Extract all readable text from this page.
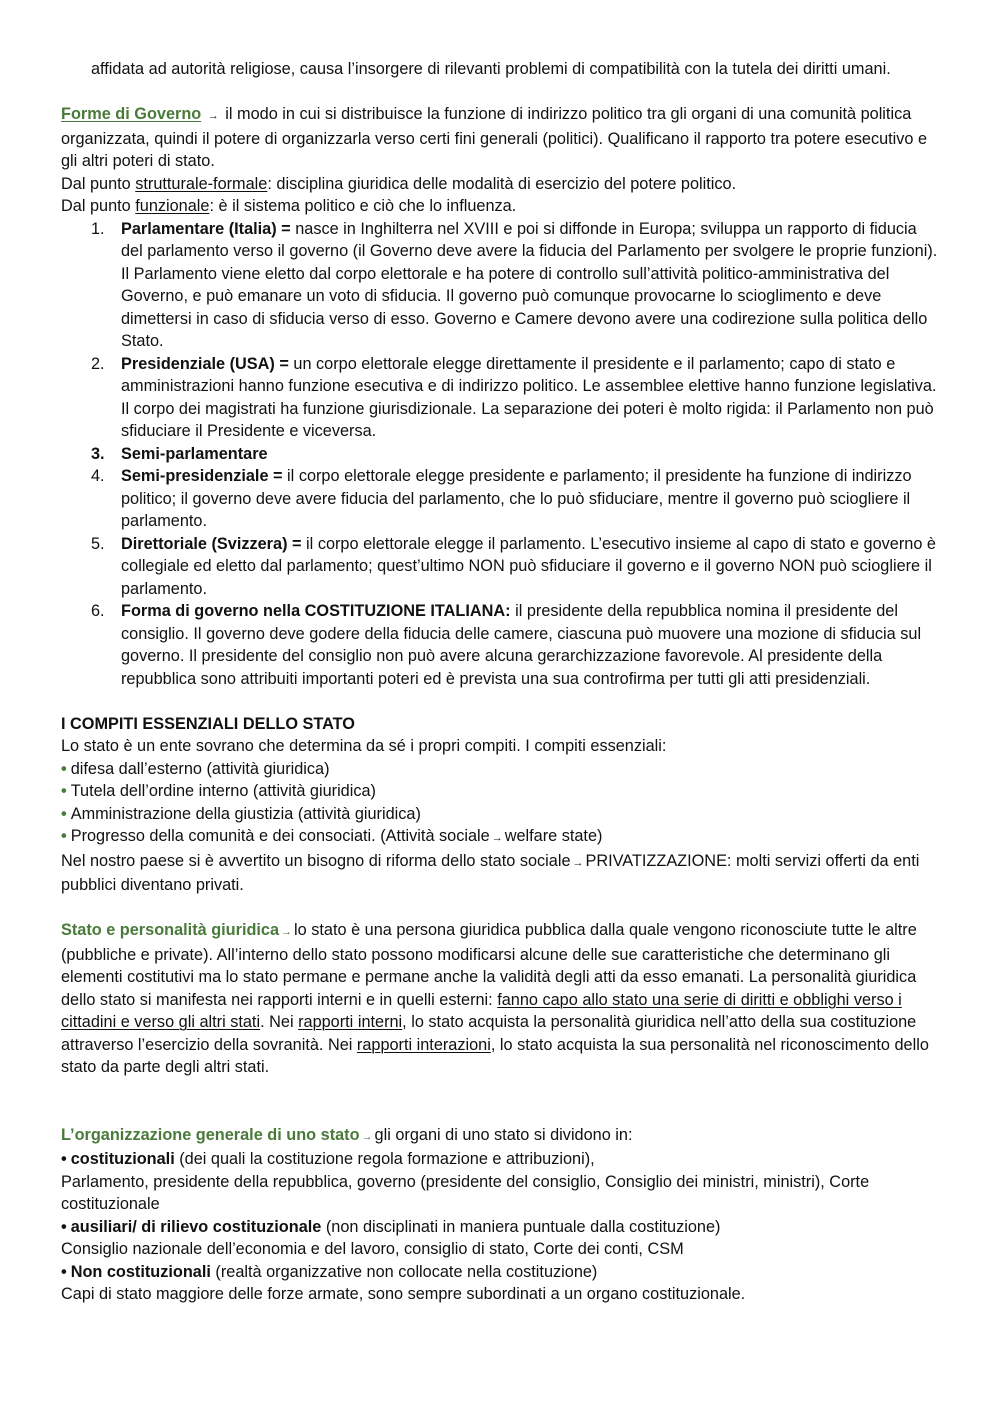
affidata ad autorità religiose, causa l’insorgere di rilevanti problemi di compatibilità con la tutela dei diritti umani.

Forme di Governo → il modo in cui si distribuisce la funzione di indirizzo politico tra gli organi di una comunità politica organizzata, quindi il potere di organizzarla verso certi fini generali (politici). Qualificano il rapporto tra potere esecutivo e gli altri poteri di stato.

Dal punto strutturale-formale: disciplina giuridica delle modalità di esercizio del potere politico.

Dal punto funzionale: è il sistema politico e ciò che lo influenza.

1. Parlamentare (Italia) = nasce in Inghilterra nel XVIII e poi si diffonde in Europa; sviluppa un rapporto di fiducia del parlamento verso il governo (il Governo deve avere la fiducia del Parlamento per svolgere le proprie funzioni). Il Parlamento viene eletto dal corpo elettorale e ha potere di controllo sull’attività politico-amministrativa del Governo, e può emanare un voto di sfiducia. Il governo può comunque provocarne lo scioglimento e deve dimettersi in caso di sfiducia verso di esso. Governo e Camere devono avere una codirezione sulla politica dello Stato.
2. Presidenziale (USA) = un corpo elettorale elegge direttamente il presidente e il parlamento; capo di stato e amministrazioni hanno funzione esecutiva e di indirizzo politico. Le assemblee elettive hanno funzione legislativa. Il corpo dei magistrati ha funzione giurisdizionale. La separazione dei poteri è molto rigida: il Parlamento non può sfiduciare il Presidente e viceversa.
3. Semi-parlamentare
4. Semi-presidenziale = il corpo elettorale elegge presidente e parlamento; il presidente ha funzione di indirizzo politico; il governo deve avere fiducia del parlamento, che lo può sfiduciare, mentre il governo può sciogliere il parlamento.
5. Direttoriale (Svizzera) = il corpo elettorale elegge il parlamento. L’esecutivo insieme al capo di stato e governo è collegiale ed eletto dal parlamento; quest’ultimo NON può sfiduciare il governo e il governo NON può sciogliere il parlamento.
6. Forma di governo nella COSTITUZIONE ITALIANA: il presidente della repubblica nomina il presidente del consiglio. Il governo deve godere della fiducia delle camere, ciascuna può muovere una mozione di sfiducia sul governo. Il presidente del consiglio non può avere alcuna gerarchizzazione favorevole. Al presidente della repubblica sono attribuiti importanti poteri ed è prevista una sua controfirma per tutti gli atti presidenziali.

I COMPITI ESSENZIALI DELLO STATO

Lo stato è un ente sovrano che determina da sé i propri compiti. I compiti essenziali:

• difesa dall’esterno (attività giuridica)

• Tutela dell’ordine interno (attività giuridica)

• Amministrazione della giustizia (attività giuridica)

• Progresso della comunità e dei consociati. (Attività sociale → welfare state)

Nel nostro paese si è avvertito un bisogno di riforma dello stato sociale → PRIVATIZZAZIONE: molti servizi offerti da enti pubblici diventano privati.

Stato e personalità giuridica → lo stato è una persona giuridica pubblica dalla quale vengono riconosciute tutte le altre (pubbliche e private). All’interno dello stato possono modificarsi alcune delle sue caratteristiche che determinano gli elementi costitutivi ma lo stato permane e permane anche la validità degli atti da esso emanati. La personalità giuridica dello stato si manifesta nei rapporti interni e in quelli esterni: fanno capo allo stato una serie di diritti e obblighi verso i cittadini e verso gli altri stati. Nei rapporti interni, lo stato acquista la personalità giuridica nell’atto della sua costituzione attraverso l’esercizio della sovranità. Nei rapporti interazioni, lo stato acquista la sua personalità nel riconoscimento dello stato da parte degli altri stati.

L’organizzazione generale di uno stato → gli organi di uno stato si dividono in:

• costituzionali (dei quali la costituzione regola formazione e attribuzioni),

Parlamento, presidente della repubblica, governo (presidente del consiglio, Consiglio dei ministri, ministri), Corte costituzionale

• ausiliari/ di rilievo costituzionale (non disciplinati in maniera puntuale dalla costituzione)

Consiglio nazionale dell’economia e del lavoro, consiglio di stato, Corte dei conti, CSM

• Non costituzionali (realtà organizzative non collocate nella costituzione)

Capi di stato maggiore delle forze armate, sono sempre subordinati a un organo costituzionale.
